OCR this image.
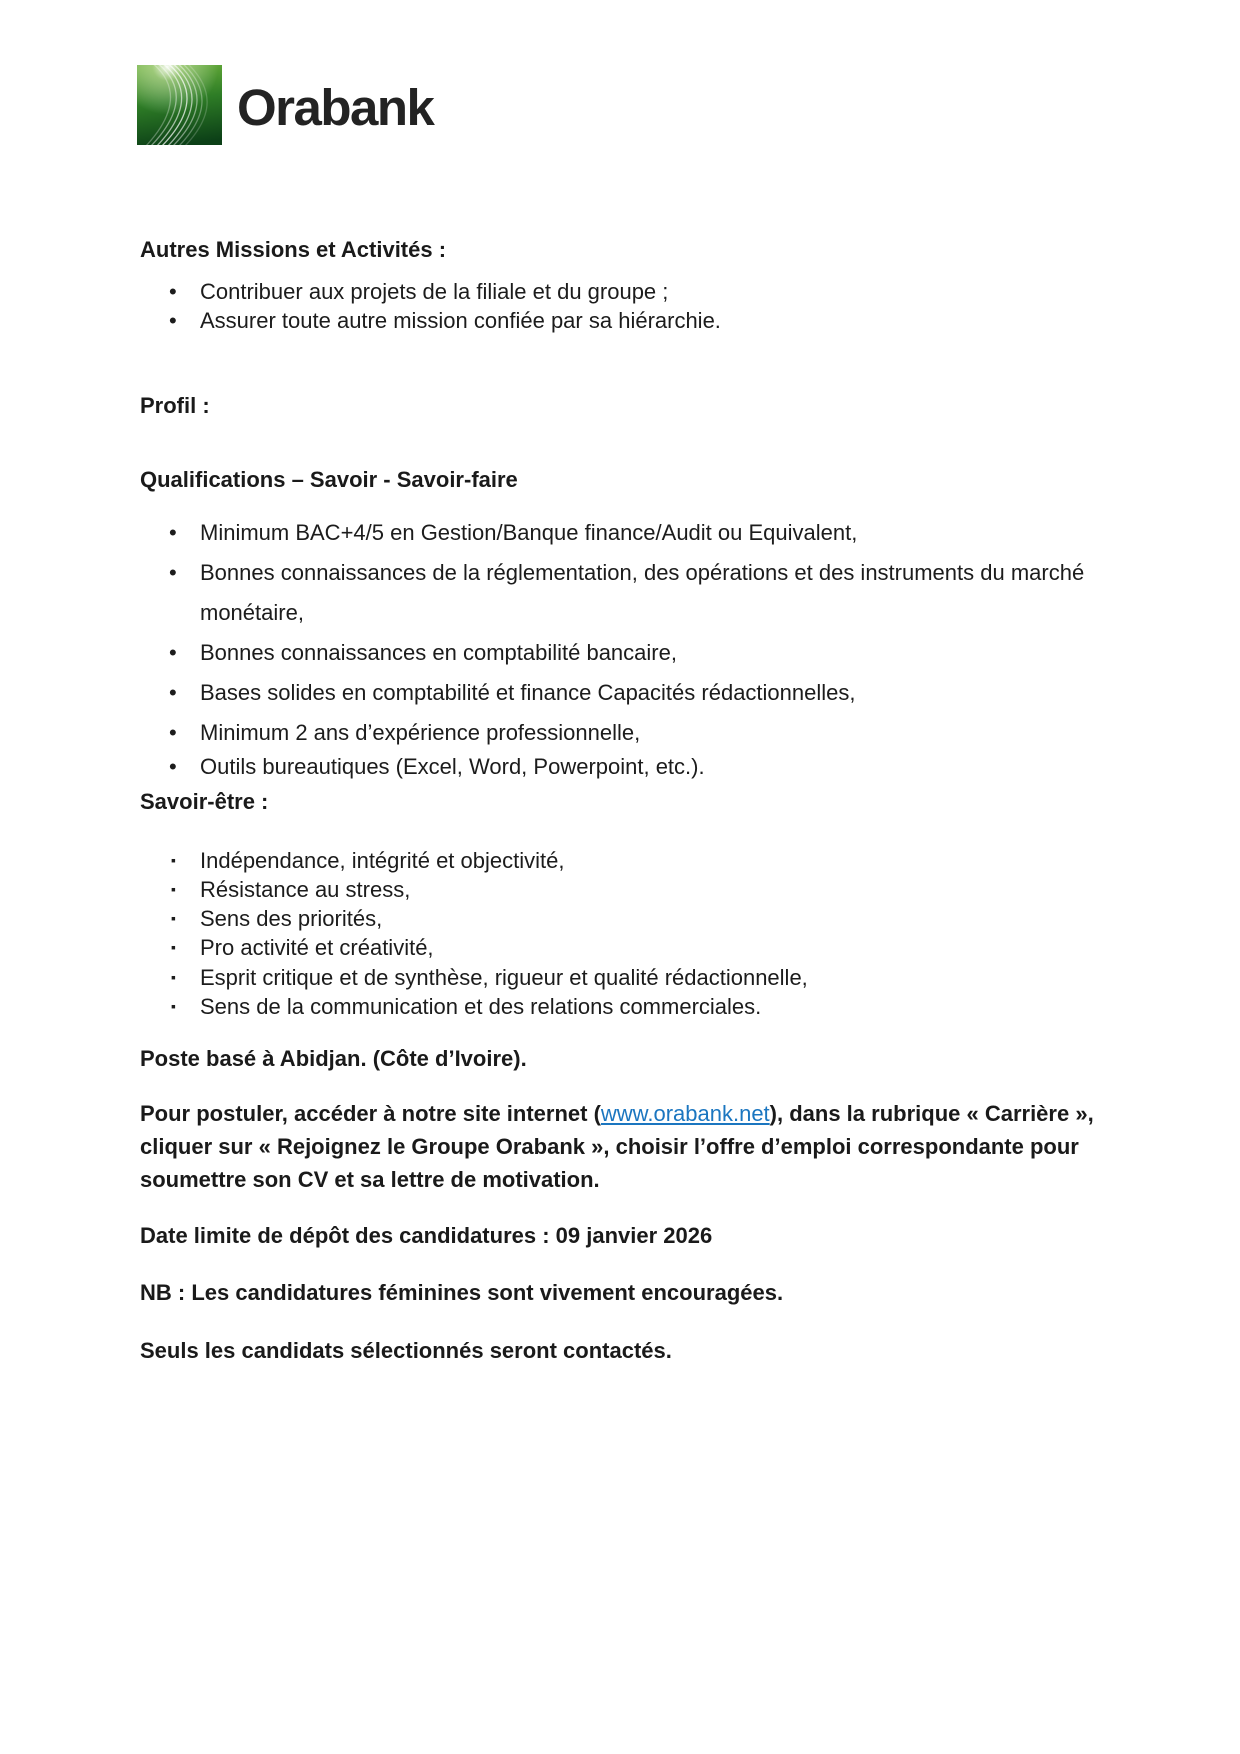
Orabank
Autres Missions et Activités :
•	Contribuer aux projets de la filiale et du groupe ;
•	Assurer toute autre mission confiée par sa hiérarchie.
Profil :
Qualifications – Savoir - Savoir-faire
•	Minimum BAC+4/5 en Gestion/Banque finance/Audit ou Equivalent,
•	Bonnes connaissances de la réglementation, des opérations et des instruments du marché monétaire,
•	Bonnes connaissances en comptabilité bancaire,
•	Bases solides en comptabilité et finance Capacités rédactionnelles,
•	Minimum 2 ans d’expérience professionnelle,
•	Outils bureautiques (Excel, Word, Powerpoint, etc.).
Savoir-être :
▪	Indépendance, intégrité et objectivité,
▪	Résistance au stress,
▪	Sens des priorités,
▪	Pro activité et créativité,
▪	Esprit critique et de synthèse, rigueur et qualité rédactionnelle,
▪	Sens de la communication et des relations commerciales.

Poste basé à Abidjan. (Côte d’Ivoire).

Pour postuler, accéder à notre site internet (www.orabank.net), dans la rubrique « Carrière », cliquer sur « Rejoignez le Groupe Orabank », choisir l’offre d’emploi correspondante pour soumettre son CV et sa lettre de motivation.

Date limite de dépôt des candidatures : 09 janvier 2026

NB : Les candidatures féminines sont vivement encouragées.

Seuls les candidats sélectionnés seront contactés.
